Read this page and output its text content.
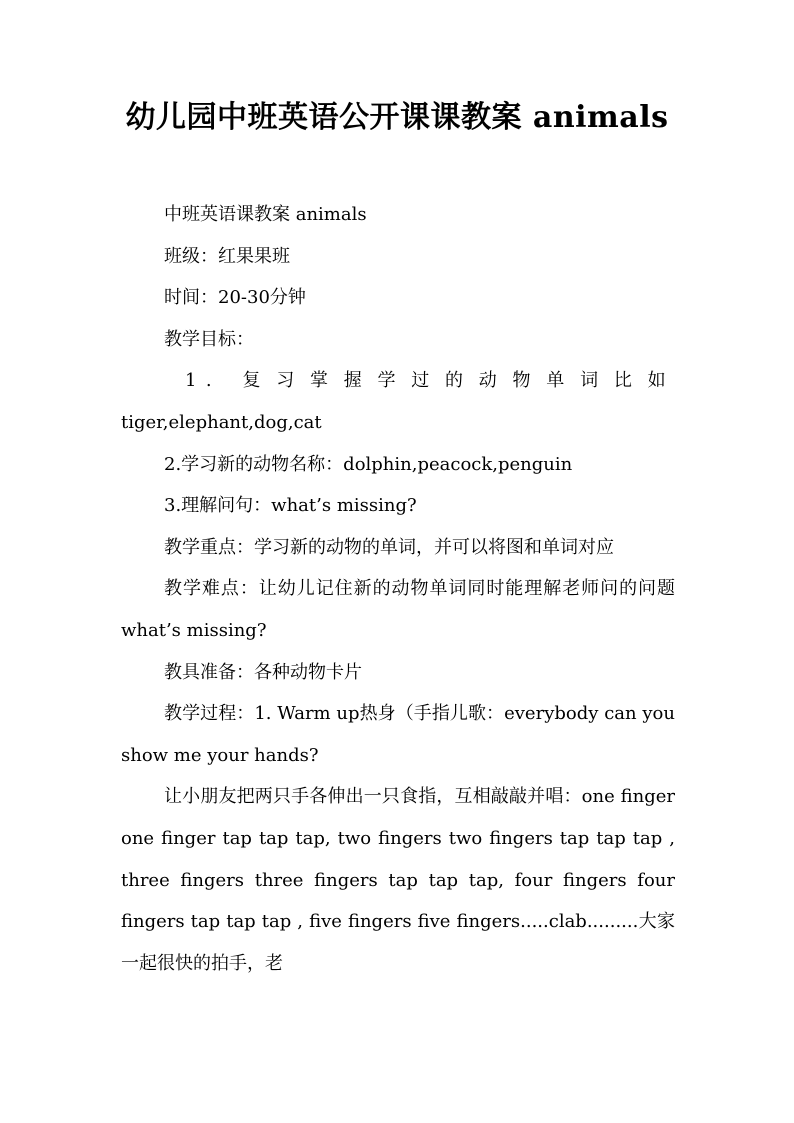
幼儿园中班英语公开课课教案 animals

中班英语课教案 animals

班级：红果果班

时间：20-30分钟

教学目标：

1. 复习掌握学过的动物单词比如

tiger,elephant,dog,cat

2.学习新的动物名称：dolphin,peacock,penguin

3.理解问句：what’s missing?

教学重点：学习新的动物的单词，并可以将图和单词对应

教学难点：让幼儿记住新的动物单词同时能理解老师问的问题what’s missing?

教具准备：各种动物卡片

教学过程：1. Warm up热身（手指儿歌：everybody can you show me your hands?

让小朋友把两只手各伸出一只食指，互相敲敲并唱：one finger one finger tap tap tap, two fingers two fingers tap tap tap , three fingers three fingers tap tap tap, four fingers four fingers tap tap tap , five fingers five fingers.....clab.........大家一起很快的拍手，老
